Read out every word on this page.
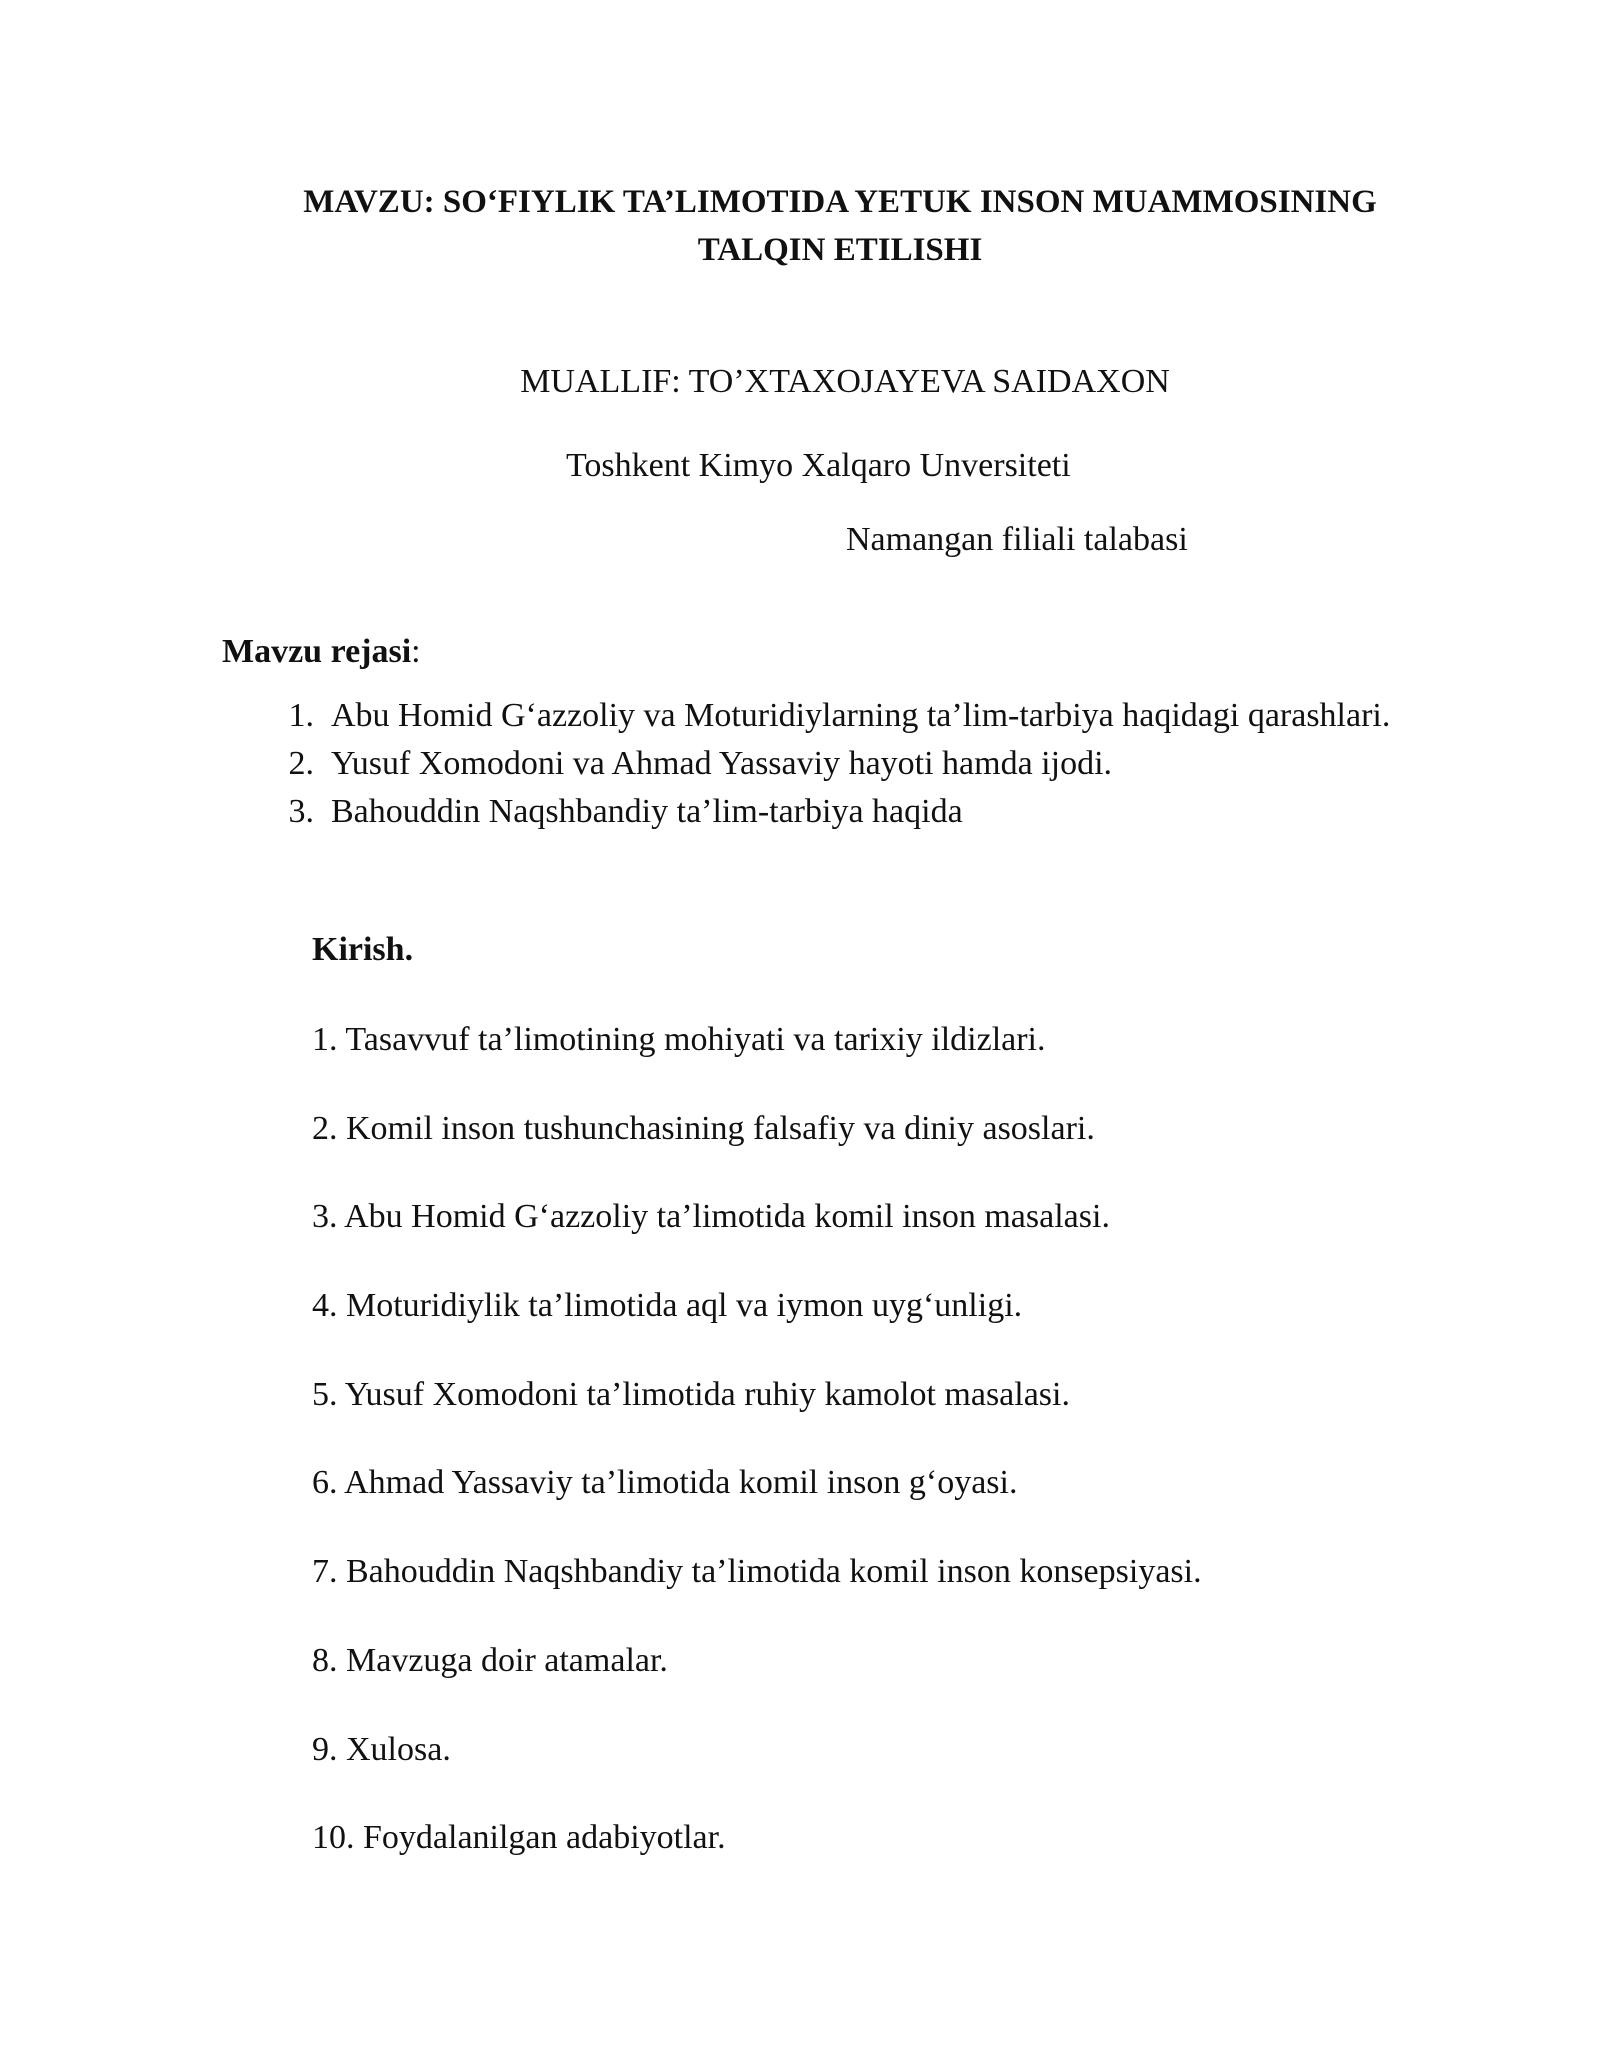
MAVZU: SO‘FIYLIK TA’LIMOTIDA YETUK INSON MUAMMOSINING
TALQIN ETILISHI
MUALLIF: TO’XTAXOJAYEVA SAIDAXON
Toshkent Kimyo Xalqaro Unversiteti
Namangan filiali talabasi
Mavzu rejasi:
1. Abu Homid G‘azzoliy va Moturidiylarning ta’lim-tarbiya haqidagi qarashlari.
2. Yusuf Xomodoni va Ahmad Yassaviy hayoti hamda ijodi.
3. Bahouddin Naqshbandiy ta’lim-tarbiya haqida
Kirish.
1. Tasavvuf ta’limotining mohiyati va tarixiy ildizlari.
2. Komil inson tushunchasining falsafiy va diniy asoslari.
3. Abu Homid G‘azzoliy ta’limotida komil inson masalasi.
4. Moturidiylik ta’limotida aql va iymon uyg‘unligi.
5. Yusuf Xomodoni ta’limotida ruhiy kamolot masalasi.
6. Ahmad Yassaviy ta’limotida komil inson g‘oyasi.
7. Bahouddin Naqshbandiy ta’limotida komil inson konsepsiyasi.
8. Mavzuga doir atamalar.
9. Xulosa.
10. Foydalanilgan adabiyotlar.
